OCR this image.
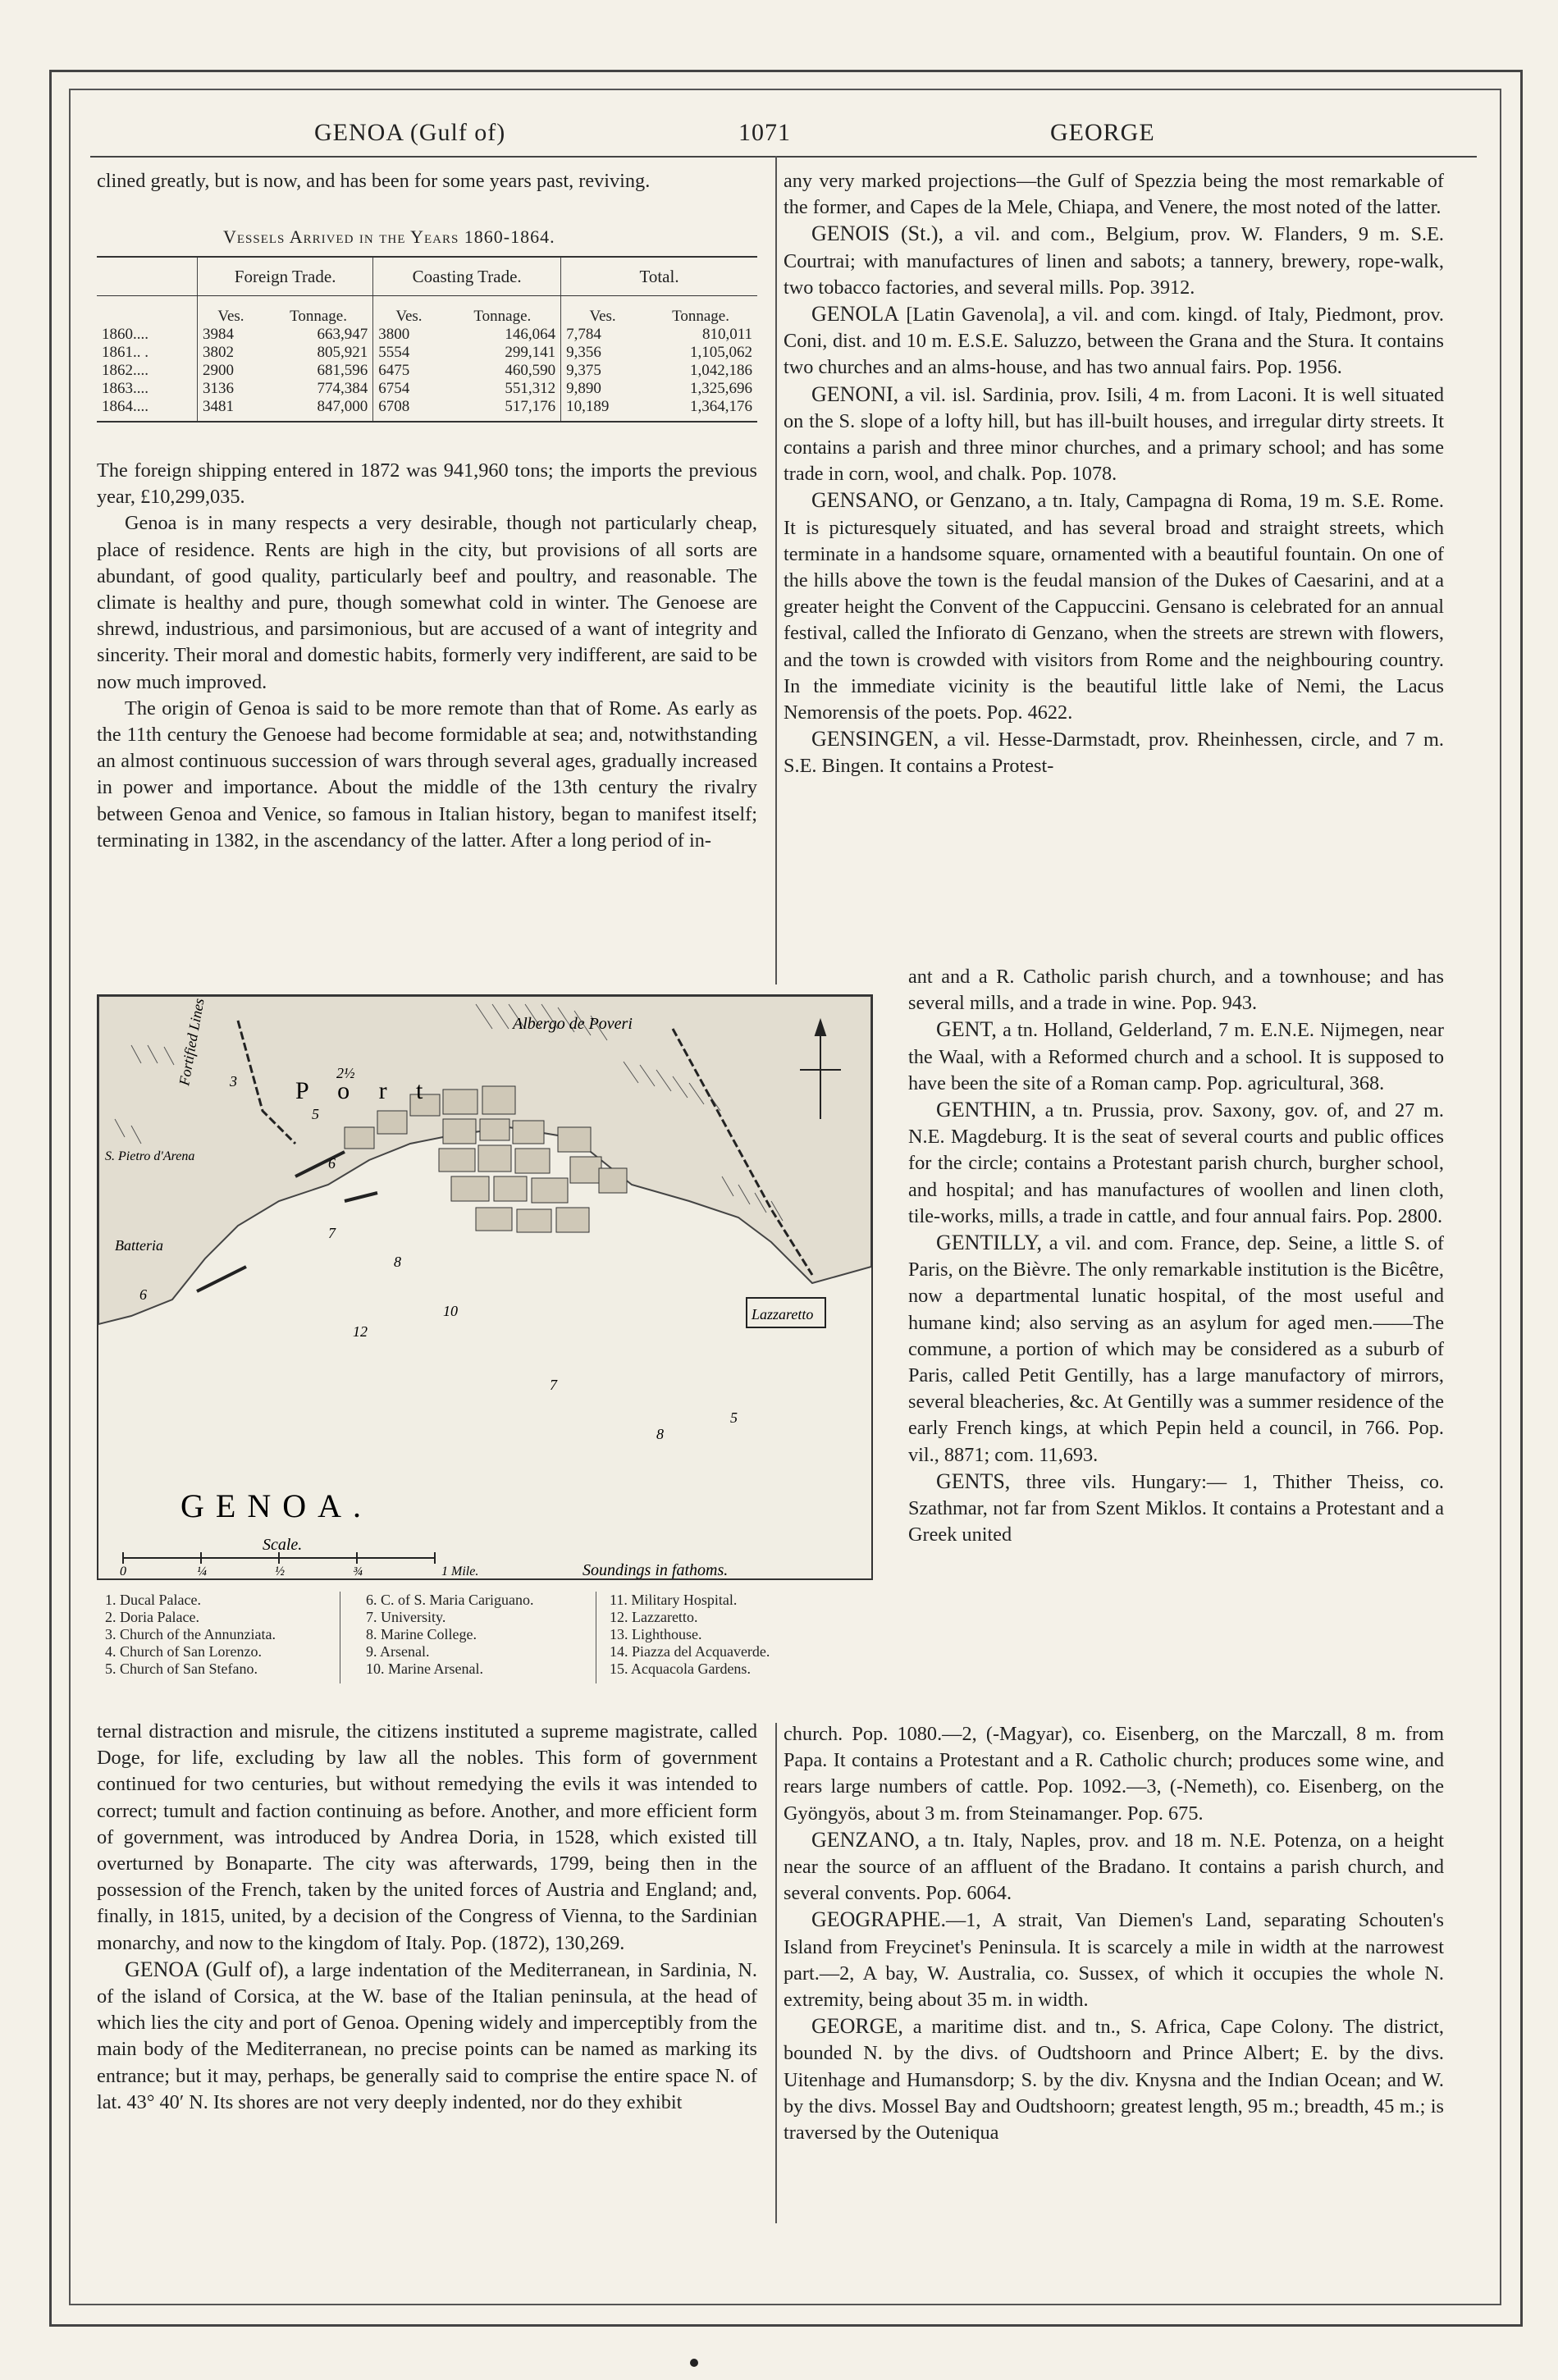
GENOA (Gulf of)	1071	GEORGE

clined greatly, but is now, and has been for some years past, reviving.

Vessels Arrived in the Years 1860-1864.
	Foreign Trade.		Coasting Trade.		Total.	
	Ves.	Tonnage.	Ves.	Tonnage.	Ves.	Tonnage.
1860....	3984	663,947	3800	146,064	7,784	810,011
1861.. .	3802	805,921	5554	299,141	9,356	1,105,062
1862....	2900	681,596	6475	460,590	9,375	1,042,186
1863....	3136	774,384	6754	551,312	9,890	1,325,696
1864....	3481	847,000	6708	517,176	10,189	1,364,176

The foreign shipping entered in 1872 was 941,960 tons; the imports the previous year, £10,299,035.

Genoa is in many respects a very desirable, though not particularly cheap, place of residence. Rents are high in the city, but provisions of all sorts are abundant, of good quality, particularly beef and poultry, and reasonable. The climate is healthy and pure, though somewhat cold in winter. The Genoese are shrewd, industrious, and parsimonious, but are accused of a want of integrity and sincerity. Their moral and domestic habits, formerly very indifferent, are said to be now much improved.

The origin of Genoa is said to be more remote than that of Rome. As early as the 11th century the Genoese had become formidable at sea; and, notwithstanding an almost continuous succession of wars through several ages, gradually increased in power and importance. About the middle of the 13th century the rivalry between Genoa and Venice, so famous in Italian history, began to manifest itself; terminating in 1382, in the ascendancy of the latter. After a long period of in-

Albergo de Poveri
P o r t
Lazzaretto
S. Pietro d'Arena
Batteria
Fortified Lines	2½
3
5
6
7
8
10
12
5
7
8
6
GENOA.
Scale.
0	¼	½	¾	1 Mile.	Soundings in fathoms.
1. Ducal Palace.
2. Doria Palace.
3. Church of the Annunziata.
4. Church of San Lorenzo.
5. Church of San Stefano.
6. C. of S. Maria Cariguano.
7. University.
8. Marine College.
9. Arsenal.
10. Marine Arsenal.
11. Military Hospital.
12. Lazzaretto.
13. Lighthouse.
14. Piazza del Acquaverde.
15. Acquacola Gardens.

ternal distraction and misrule, the citizens instituted a supreme magistrate, called Doge, for life, excluding by law all the nobles. This form of government continued for two centuries, but without remedying the evils it was intended to correct; tumult and faction continuing as before. Another, and more efficient form of government, was introduced by Andrea Doria, in 1528, which existed till overturned by Bonaparte. The city was afterwards, 1799, being then in the possession of the French, taken by the united forces of Austria and England; and, finally, in 1815, united, by a decision of the Congress of Vienna, to the Sardinian monarchy, and now to the kingdom of Italy. Pop. (1872), 130,269.

GENOA (Gulf of), a large indentation of the Mediterranean, in Sardinia, N. of the island of Corsica, at the W. base of the Italian peninsula, at the head of which lies the city and port of Genoa. Opening widely and imperceptibly from the main body of the Mediterranean, no precise points can be named as marking its entrance; but it may, perhaps, be generally said to comprise the entire space N. of lat. 43° 40′ N. Its shores are not very deeply indented, nor do they exhibit

any very marked projections—the Gulf of Spezzia being the most remarkable of the former, and Capes de la Mele, Chiapa, and Venere, the most noted of the latter.

GENOIS (St.), a vil. and com., Belgium, prov. W. Flanders, 9 m. S.E. Courtrai; with manufactures of linen and sabots; a tannery, brewery, rope-walk, two tobacco factories, and several mills. Pop. 3912.

GENOLA [Latin Gavenola], a vil. and com. kingd. of Italy, Piedmont, prov. Coni, dist. and 10 m. E.S.E. Saluzzo, between the Grana and the Stura. It contains two churches and an alms-house, and has two annual fairs. Pop. 1956.

GENONI, a vil. isl. Sardinia, prov. Isili, 4 m. from Laconi. It is well situated on the S. slope of a lofty hill, but has ill-built houses, and irregular dirty streets. It contains a parish and three minor churches, and a primary school; and has some trade in corn, wool, and chalk. Pop. 1078.

GENSANO, or Genzano, a tn. Italy, Campagna di Roma, 19 m. S.E. Rome. It is picturesquely situated, and has several broad and straight streets, which terminate in a handsome square, ornamented with a beautiful fountain. On one of the hills above the town is the feudal mansion of the Dukes of Caesarini, and at a greater height the Convent of the Cappuccini. Gensano is celebrated for an annual festival, called the Infiorato di Genzano, when the streets are strewn with flowers, and the town is crowded with visitors from Rome and the neighbouring country. In the immediate vicinity is the beautiful little lake of Nemi, the Lacus Nemorensis of the poets. Pop. 4622.

GENSINGEN, a vil. Hesse-Darmstadt, prov. Rheinhessen, circle, and 7 m. S.E. Bingen. It contains a Protest-

ant and a R. Catholic parish church, and a townhouse; and has several mills, and a trade in wine. Pop. 943.

GENT, a tn. Holland, Gelderland, 7 m. E.N.E. Nijmegen, near the Waal, with a Reformed church and a school. It is supposed to have been the site of a Roman camp. Pop. agricultural, 368.

GENTHIN, a tn. Prussia, prov. Saxony, gov. of, and 27 m. N.E. Magdeburg. It is the seat of several courts and public offices for the circle; contains a Protestant parish church, burgher school, and hospital; and has manufactures of woollen and linen cloth, tile-works, mills, a trade in cattle, and four annual fairs. Pop. 2800.

GENTILLY, a vil. and com. France, dep. Seine, a little S. of Paris, on the Bièvre. The only remarkable institution is the Bicêtre, now a departmental lunatic hospital, of the most useful and humane kind; also serving as an asylum for aged men.——The commune, a portion of which may be considered as a suburb of Paris, called Petit Gentilly, has a large manufactory of mirrors, several bleacheries, &c. At Gentilly was a summer residence of the early French kings, at which Pepin held a council, in 766. Pop. vil., 8871; com. 11,693.

GENTS, three vils. Hungary:— 1, Thither Theiss, co. Szathmar, not far from Szent Miklos. It contains a Protestant and a Greek united

church. Pop. 1080.—2, (-Magyar), co. Eisenberg, on the Marczall, 8 m. from Papa. It contains a Protestant and a R. Catholic church; produces some wine, and rears large numbers of cattle. Pop. 1092.—3, (-Nemeth), co. Eisenberg, on the Gyöngyös, about 3 m. from Steinamanger. Pop. 675.

GENZANO, a tn. Italy, Naples, prov. and 18 m. N.E. Potenza, on a height near the source of an affluent of the Bradano. It contains a parish church, and several convents. Pop. 6064.

GEOGRAPHE.—1, A strait, Van Diemen's Land, separating Schouten's Island from Freycinet's Peninsula. It is scarcely a mile in width at the narrowest part.—2, A bay, W. Australia, co. Sussex, of which it occupies the whole N. extremity, being about 35 m. in width.

GEORGE, a maritime dist. and tn., S. Africa, Cape Colony. The district, bounded N. by the divs. of Oudtshoorn and Prince Albert; E. by the divs. Uitenhage and Humansdorp; S. by the div. Knysna and the Indian Ocean; and W. by the divs. Mossel Bay and Oudtshoorn; greatest length, 95 m.; breadth, 45 m.; is traversed by the Outeniqua
